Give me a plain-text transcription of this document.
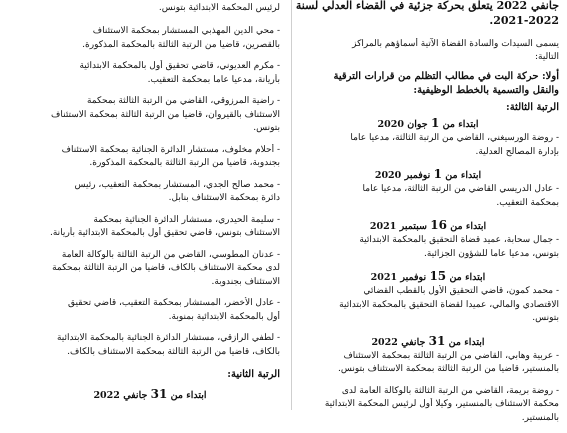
جانفي 2022 يتعلق بحركة جزئية في القضاء العدلي لسنة

2021-2022.

يسمى السيدات والسادة القضاة الآتية أسماؤهم بالمراكز

التالية:

أولا: حركة البت في مطالب التظلم من قرارات الترقية

والنقل والتسمية بالخطط الوظيفية:

الرتبة الثالثة:

ابتداء من 1 جوان 2020

- روضة الورسيغني، القاضي من الرتبة الثالثة، مدعيا عاما

بإدارة المصالح العدلية.

ابتداء من 1 نوفمبر 2020

- عادل الدريسي القاضي من الرتبة الثالثة، مدعيا عاما

بمحكمة التعقيب.

ابتداء من 16 سبتمبر 2021

- جمال سحابة، عميد قضاة التحقيق بالمحكمة الابتدائية

بتونس، مدعيا عاما للشؤون الجزائية.

ابتداء من 15 نوفمبر 2021

- محمد كمون، قاضي التحقيق الأول بالقطب القضائي

الاقتصادي والمالي، عميدا لقضاة التحقيق بالمحكمة الابتدائية

بتونس.

ابتداء من 31 جانفي 2022

- عربية وهابي، القاضي من الرتبة الثالثة بمحكمة الاستئناف

بالمنستير، قاضيا من الرتبة الثالثة بمحكمة الاستئناف بتونس.

- روضة بريمة، القاضي من الرتبة الثالثة بالوكالة العامة لدى

محكمة الاستئناف بالمنستير، وكيلا أول لرئيس المحكمة الابتدائية

بالمنستير.

لرئيس المحكمة الابتدائية بتونس.

- محي الدين المهذبي المستشار بمحكمة الاستئناف

بالقصرين، قاضيا من الرتبة الثالثة بالمحكمة المذكورة.

- مكرم العديوني، قاضي تحقيق أول بالمحكمة الابتدائية

بأريانة، مدعيا عاما بمحكمة التعقيب.

- راضية المرزوقي، القاضي من الرتبة الثالثة بمحكمة

الاستئناف بالقيروان، قاضيا من الرتبة الثالثة بمحكمة الاستئناف

بتونس.

- أحلام مخلوف، مستشار الدائرة الجنائية بمحكمة الاستئناف

بجندوبة، قاضيا من الرتبة الثالثة بالمحكمة المذكورة.

- محمد صالح الجدي، المستشار بمحكمة التعقيب، رئيس

دائرة بمحكمة الاستئناف بنابل.

- سليمة الحيدري، مستشار الدائرة الجنائية بمحكمة

الاستئناف بتونس، قاضي تحقيق أول بالمحكمة الابتدائية بأريانة.

- عدنان المطوسي، القاضي من الرتبة الثالثة بالوكالة العامة

لدى محكمة الاستئناف بالكاف، قاضيا من الرتبة الثالثة بمحكمة

الاستئناف بجندوبة.

- عادل الأخضر، المستشار بمحكمة التعقيب، قاضي تحقيق

أول بالمحكمة الابتدائية بمنوبة.

- لطفي الرازقي، مستشار الدائرة الجنائية بالمحكمة الابتدائية

بالكاف، قاضيا من الرتبة الثالثة بمحكمة الاستئناف بالكاف.

الرتبة الثانية:

ابتداء من 31 جانفي 2022
